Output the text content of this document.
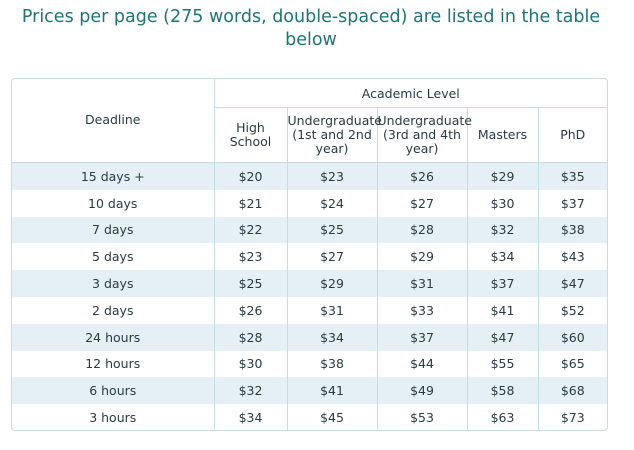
Prices per page (275 words, double-spaced) are listed in the table below
Deadline	Academic Level				
	High School	Undergraduate (1st and 2nd year)	Undergraduate (3rd and 4th year)	Masters	PhD
15 days +	$20	$23	$26	$29	$35
10 days	$21	$24	$27	$30	$37
7 days	$22	$25	$28	$32	$38
5 days	$23	$27	$29	$34	$43
3 days	$25	$29	$31	$37	$47
2 days	$26	$31	$33	$41	$52
24 hours	$28	$34	$37	$47	$60
12 hours	$30	$38	$44	$55	$65
6 hours	$32	$41	$49	$58	$68
3 hours	$34	$45	$53	$63	$73
